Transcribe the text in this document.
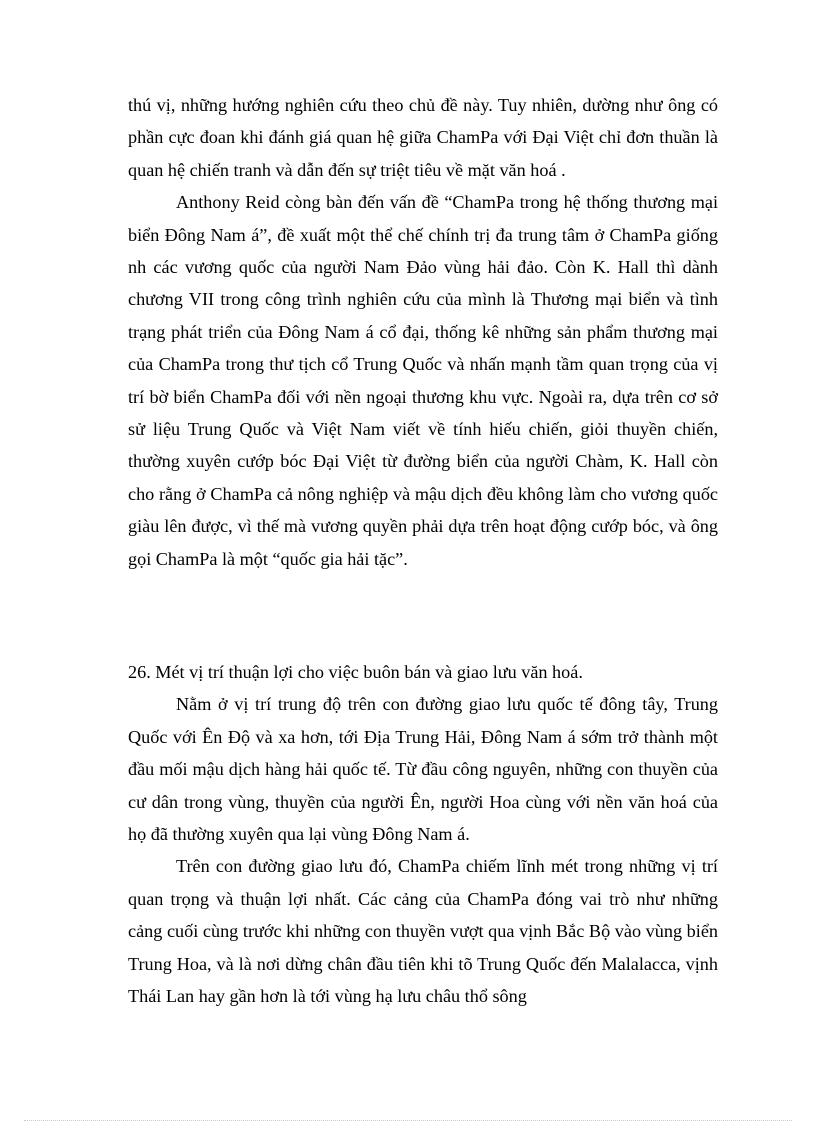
thú vị, những hướng nghiên cứu theo chủ đề này. Tuy nhiên, dường như ông có phần cực đoan khi đánh giá quan hệ giữa ChamPa với Đại Việt chỉ đơn thuần là quan hệ chiến tranh và dẫn đến sự triệt tiêu về mặt văn hoá .

Anthony Reid còng bàn đến vấn đề “ChamPa trong hệ thống thương mại biển Đông Nam á”, đề xuất một thể chế chính trị đa trung tâm ở ChamPa giống nh các vương quốc của người Nam Đảo vùng hải đảo. Còn K. Hall thì dành chương VII trong công trình nghiên cứu của mình là Thương mại biển và tình trạng phát triển của Đông Nam á cổ đại, thống kê những sản phẩm thương mại của ChamPa trong thư tịch cổ Trung Quốc và nhấn mạnh tầm quan trọng của vị trí bờ biển ChamPa đối với nền ngoại thương khu vực. Ngoài ra, dựa trên cơ sở sử liệu Trung Quốc và Việt Nam viết về tính hiếu chiến, giỏi thuyền chiến, thường xuyên cướp bóc Đại Việt từ đường biển của người Chàm, K. Hall còn cho rằng ở ChamPa cả nông nghiệp và mậu dịch đều không làm cho vương quốc giàu lên được, vì thế mà vương quyền phải dựa trên hoạt động cướp bóc, và ông gọi ChamPa là một “quốc gia hải tặc”.

26. Mét vị trí thuận lợi cho việc buôn bán và giao lưu văn hoá.

Nằm ở vị trí trung độ trên con đường giao lưu quốc tế đông tây, Trung Quốc với Ên Độ và xa hơn, tới Địa Trung Hải, Đông Nam á sớm trở thành một đầu mối mậu dịch hàng hải quốc tế. Từ đầu công nguyên, những con thuyền của cư dân trong vùng, thuyền của người Ên, người Hoa cùng với nền văn hoá của họ đã thường xuyên qua lại vùng Đông Nam á.

Trên con đường giao lưu đó, ChamPa chiếm lĩnh mét trong những vị trí quan trọng và thuận lợi nhất. Các cảng của ChamPa đóng vai trò như những cảng cuối cùng trước khi những con thuyền vượt qua vịnh Bắc Bộ vào vùng biển Trung Hoa, và là nơi dừng chân đầu tiên khi tõ Trung Quốc đến Malalacca, vịnh Thái Lan hay gần hơn là tới vùng hạ lưu châu thổ sông
